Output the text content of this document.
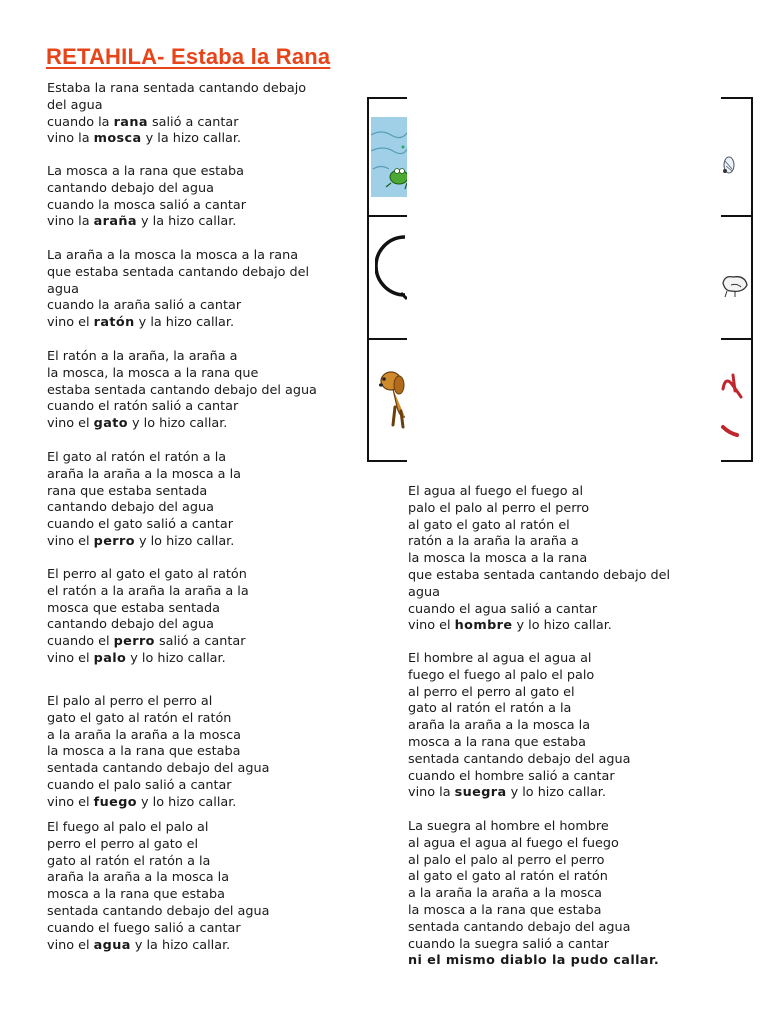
RETAHILA- Estaba la Rana
Estaba la rana sentada cantando debajo
del agua
cuando la rana salió a cantar
vino la mosca y la hizo callar.
La mosca a la rana que estaba
cantando debajo del agua
cuando la mosca salió a cantar
vino la araña y la hizo callar.
La araña a la mosca la mosca a la rana
que estaba sentada cantando debajo del
agua
cuando la araña salió a cantar
vino el ratón y la hizo callar.
El ratón a la araña, la araña a
la mosca, la mosca a la rana que
estaba sentada cantando debajo del agua
cuando el ratón salió a cantar
vino el gato y lo hizo callar.
El gato al ratón el ratón a la
araña la araña a la mosca a la
rana que estaba sentada
cantando debajo del agua
cuando el gato salió a cantar
vino el perro y lo hizo callar.
El perro al gato el gato al ratón
el ratón a la araña la araña a la
mosca que estaba sentada
cantando debajo del agua
cuando el perro salió a cantar
vino el palo y lo hizo callar.
El palo al perro el perro al
gato el gato al ratón el ratón
a la araña la araña a la mosca
la mosca a la rana que estaba
sentada cantando debajo del agua
cuando el palo salió a cantar
vino el fuego y lo hizo callar.
El fuego al palo el palo al
perro el perro al gato el
gato al ratón el ratón a la
araña la araña a la mosca la
mosca a la rana que estaba
sentada cantando debajo del agua
cuando el fuego salió a cantar
vino el agua y la hizo callar.
El agua al fuego el fuego al
palo el palo al perro el perro
al gato el gato al ratón el
ratón a la araña la araña a
la mosca la mosca a la rana
que estaba sentada cantando debajo del
agua
cuando el agua salió a cantar
vino el hombre y lo hizo callar.
El hombre al agua el agua al
fuego el fuego al palo el palo
al perro el perro al gato el
gato al ratón el ratón a la
araña la araña a la mosca la
mosca a la rana que estaba
sentada cantando debajo del agua
cuando el hombre salió a cantar
vino la suegra y lo hizo callar.
La suegra al hombre el hombre
al agua el agua al fuego el fuego
al palo el palo al perro el perro
al gato el gato al ratón el ratón
a la araña la araña a la mosca
la mosca a la rana que estaba
sentada cantando debajo del agua
cuando la suegra salió a cantar
ni el mismo diablo la pudo callar.
